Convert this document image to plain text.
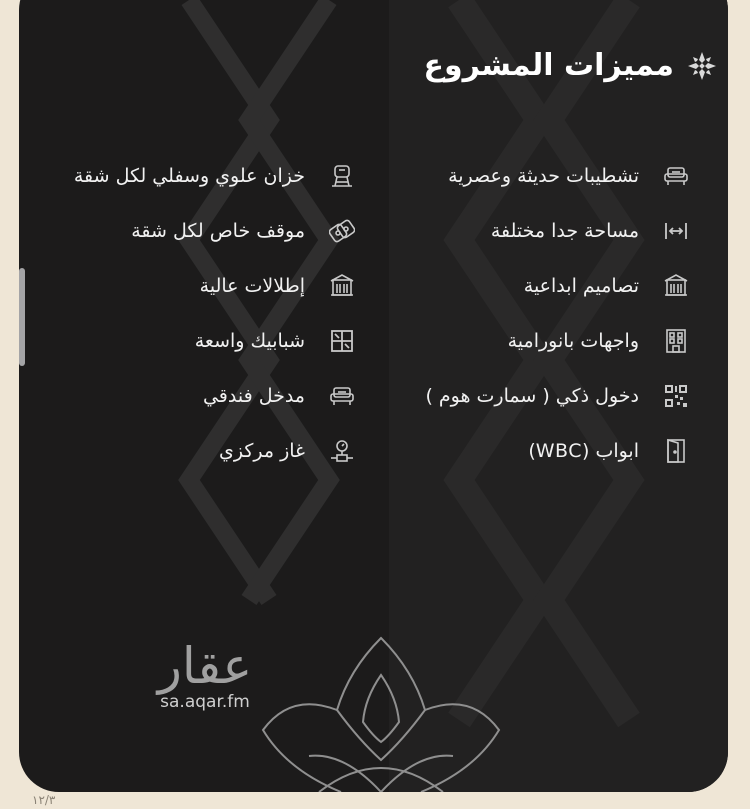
مميزات المشروع
تشطيبات حديثة وعصرية
مساحة جدا مختلفة
تصاميم ابداعية
واجهات بانورامية
دخول ذكي ( سمارت هوم )
ابواب (WBC)
خزان علوي وسفلي لكل شقة
موقف خاص لكل شقة
إطلالات عالية
شبابيك واسعة
مدخل فندقي
غاز مركزي
عقار
sa.aqar.fm
١٢/٣
